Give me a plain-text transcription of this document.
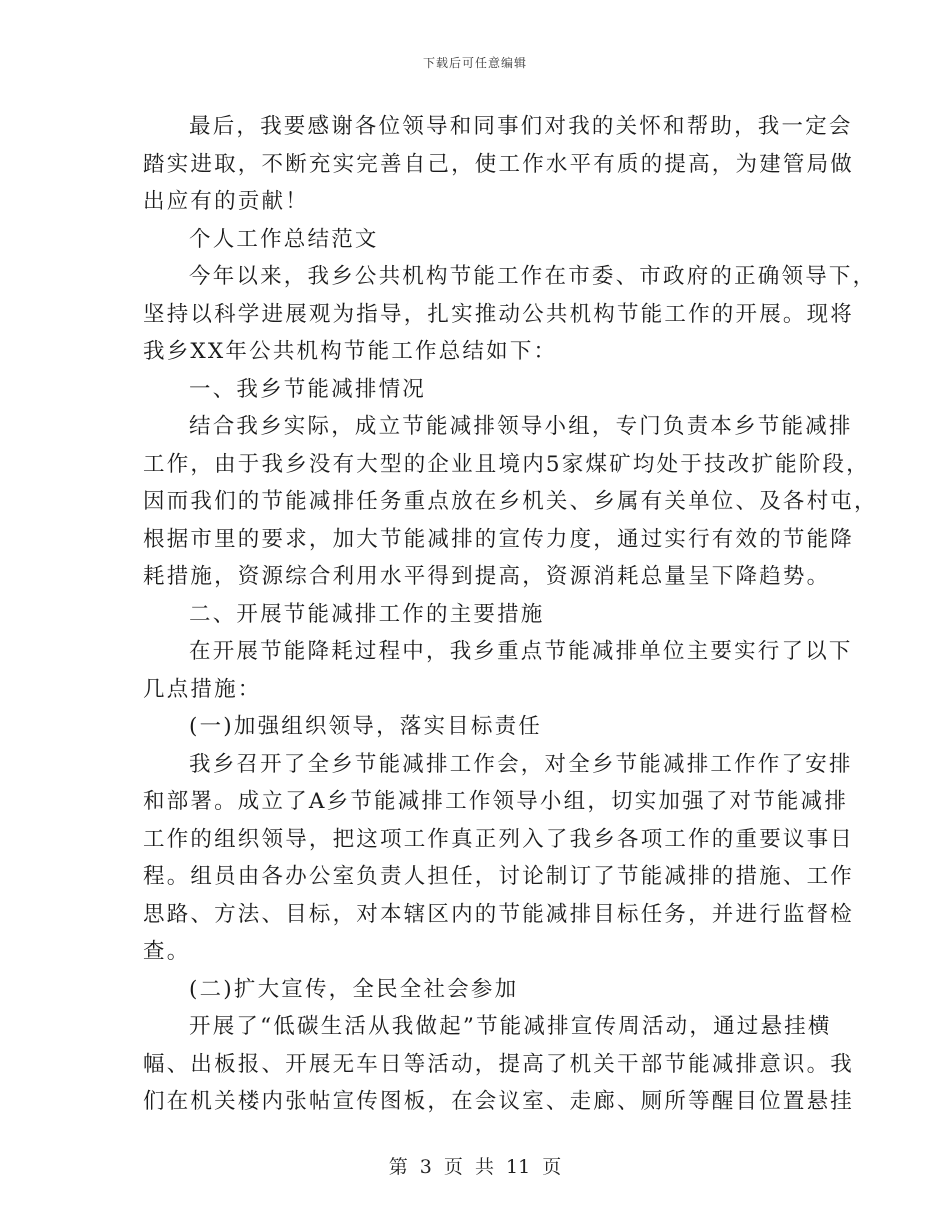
下载后可任意编辑
最后，我要感谢各位领导和同事们对我的关怀和帮助，我一定会
踏实进取，不断充实完善自己，使工作水平有质的提高，为建管局做
出应有的贡献！
个人工作总结范文
今年以来，我乡公共机构节能工作在市委、市政府的正确领导下，
坚持以科学进展观为指导，扎实推动公共机构节能工作的开展。现将
我乡XX年公共机构节能工作总结如下：
一、我乡节能减排情况
结合我乡实际，成立节能减排领导小组，专门负责本乡节能减排
工作，由于我乡没有大型的企业且境内5家煤矿均处于技改扩能阶段，
因而我们的节能减排任务重点放在乡机关、乡属有关单位、及各村屯，
根据市里的要求，加大节能减排的宣传力度，通过实行有效的节能降
耗措施，资源综合利用水平得到提高，资源消耗总量呈下降趋势。
二、开展节能减排工作的主要措施
在开展节能降耗过程中，我乡重点节能减排单位主要实行了以下
几点措施：
(一)加强组织领导，落实目标责任
我乡召开了全乡节能减排工作会，对全乡节能减排工作作了安排
和部署。成立了A乡节能减排工作领导小组，切实加强了对节能减排
工作的组织领导，把这项工作真正列入了我乡各项工作的重要议事日
程。组员由各办公室负责人担任，讨论制订了节能减排的措施、工作
思路、方法、目标，对本辖区内的节能减排目标任务，并进行监督检
查。
(二)扩大宣传，全民全社会参加
开展了“低碳生活从我做起”节能减排宣传周活动，通过悬挂横
幅、出板报、开展无车日等活动，提高了机关干部节能减排意识。我
们在机关楼内张帖宣传图板，在会议室、走廊、厕所等醒目位置悬挂
第 3 页 共 11 页
